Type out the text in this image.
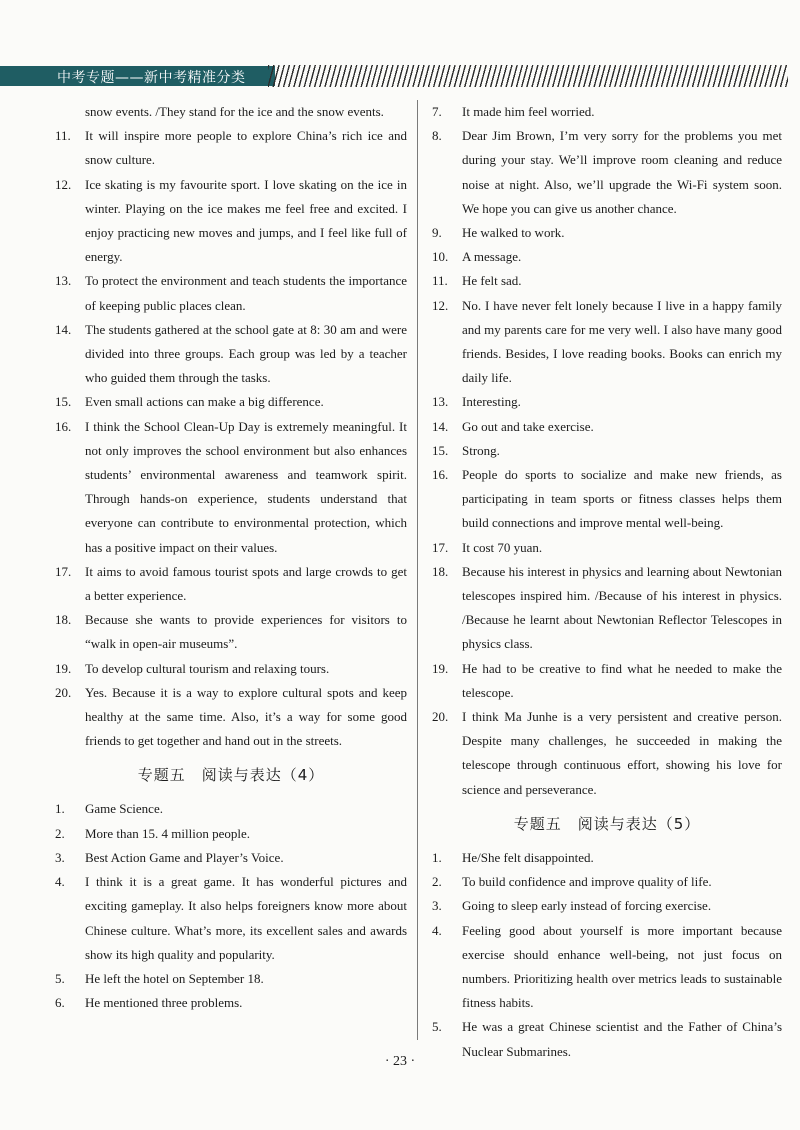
中考专题——新中考精准分类
snow events. /They stand for the ice and the snow events.
11.	It will inspire more people to explore China’s rich ice and snow culture.
12.	Ice skating is my favourite sport. I love skating on the ice in winter. Playing on the ice makes me feel free and excited. I enjoy practicing new moves and jumps, and I feel like full of energy.
13.	To protect the environment and teach students the importance of keeping public places clean.
14.	The students gathered at the school gate at 8: 30 am and were divided into three groups. Each group was led by a teacher who guided them through the tasks.
15.	Even small actions can make a big difference.
16.	I think the School Clean-Up Day is extremely meaningful. It not only improves the school environment but also enhances students’ environmental awareness and teamwork spirit. Through hands-on experience, students understand that everyone can contribute to environmental protection, which has a positive impact on their values.
17.	It aims to avoid famous tourist spots and large crowds to get a better experience.
18.	Because she wants to provide experiences for visitors to “walk in open-air museums”.
19.	To develop cultural tourism and relaxing tours.
20.	Yes. Because it is a way to explore cultural spots and keep healthy at the same time. Also, it’s a way for some good friends to get together and hand out in the streets.
专题五　阅读与表达（4）
1.	Game Science.
2.	More than 15. 4 million people.
3.	Best Action Game and Player’s Voice.
4.	I think it is a great game. It has wonderful pictures and exciting gameplay. It also helps foreigners know more about Chinese culture. What’s more, its excellent sales and awards show its high quality and popularity.
5.	He left the hotel on September 18.
6.	He mentioned three problems.
7.	It made him feel worried.
8.	Dear Jim Brown, I’m very sorry for the problems you met during your stay. We’ll improve room cleaning and reduce noise at night. Also, we’ll upgrade the Wi-Fi system soon. We hope you can give us another chance.
9.	He walked to work.
10.	A message.
11.	He felt sad.
12.	No. I have never felt lonely because I live in a happy family and my parents care for me very well. I also have many good friends. Besides, I love reading books. Books can enrich my daily life.
13.	Interesting.
14.	Go out and take exercise.
15.	Strong.
16.	People do sports to socialize and make new friends, as participating in team sports or fitness classes helps them build connections and improve mental well-being.
17.	It cost 70 yuan.
18.	Because his interest in physics and learning about Newtonian telescopes inspired him. /Because of his interest in physics. /Because he learnt about Newtonian Reflector Telescopes in physics class.
19.	He had to be creative to find what he needed to make the telescope.
20.	I think Ma Junhe is a very persistent and creative person. Despite many challenges, he succeeded in making the telescope through continuous effort, showing his love for science and perseverance.
专题五　阅读与表达（5）
1.	He/She felt disappointed.
2.	To build confidence and improve quality of life.
3.	Going to sleep early instead of forcing exercise.
4.	Feeling good about yourself is more important because exercise should enhance well-being, not just focus on numbers. Prioritizing health over metrics leads to sustainable fitness habits.
5.	He was a great Chinese scientist and the Father of China’s Nuclear Submarines.
· 23 ·
